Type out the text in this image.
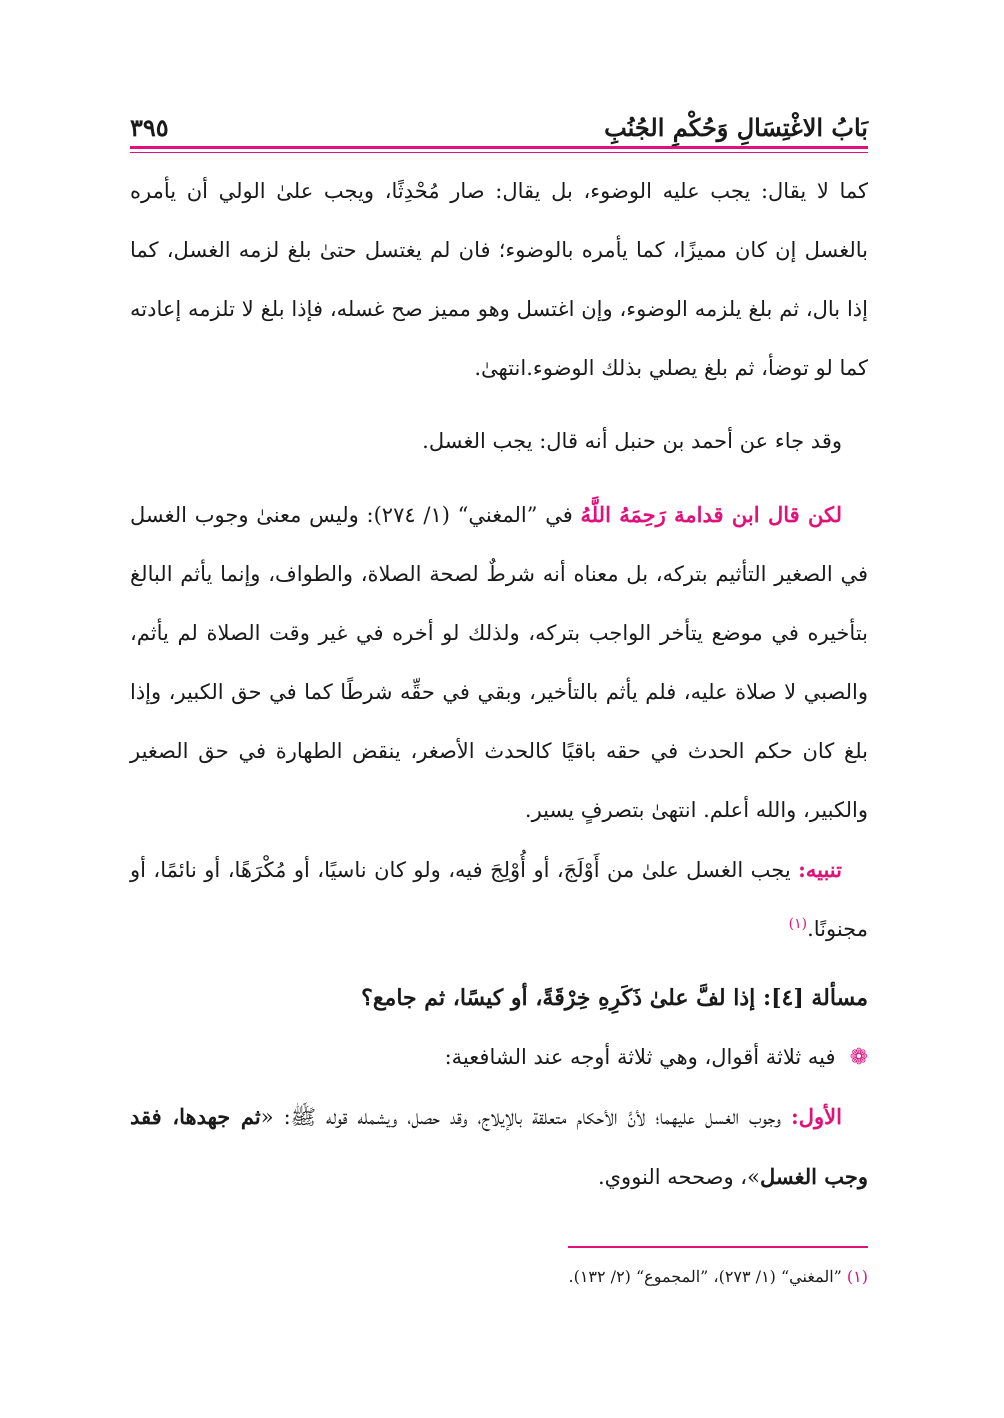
٣٩٥	بَابُ الاغْتِسَالِ وَحُكْمِ الجُنُبِ

كما لا يقال: يجب عليه الوضوء، بل يقال: صار مُحْدِثًا، ويجب علىٰ الولي أن يأمره بالغسل إن كان مميزًا، كما يأمره بالوضوء؛ فان لم يغتسل حتىٰ بلغ لزمه الغسل، كما إذا بال، ثم بلغ يلزمه الوضوء، وإن اغتسل وهو مميز صح غسله، فإذا بلغ لا تلزمه إعادته كما لو توضأ، ثم بلغ يصلي بذلك الوضوء.انتهىٰ.

وقد جاء عن أحمد بن حنبل أنه قال: يجب الغسل.

لكن قال ابن قدامة رَحِمَهُ اللَّهُ في ”المغني“ (١/ ٢٧٤): وليس معنىٰ وجوب الغسل في الصغير التأثيم بتركه، بل معناه أنه شرطٌ لصحة الصلاة، والطواف، وإنما يأثم البالغ بتأخيره في موضع يتأخر الواجب بتركه، ولذلك لو أخره في غير وقت الصلاة لم يأثم، والصبي لا صلاة عليه، فلم يأثم بالتأخير، وبقي في حقِّه شرطًا كما في حق الكبير، وإذا بلغ كان حكم الحدث في حقه باقيًا كالحدث الأصغر، ينقض الطهارة في حق الصغير والكبير، والله أعلم. انتهىٰ بتصرفٍ يسير.

تنبيه: يجب الغسل علىٰ من أَوْلَجَ، أو أُوْلِجَ فيه، ولو كان ناسيًا، أو مُكْرَهًا، أو نائمًا، أو مجنونًا.$^{(١)}$

مسألة [٤]: إذا لفَّ علىٰ ذَكَرِهِ خِرْقَةً، أو كيسًا، ثم جامع؟

❁فيه ثلاثة أقوال، وهي ثلاثة أوجه عند الشافعية:

الأول: وجوب الغسل عليهما؛ لأنَّ الأحكام متعلقة بالإيلاج، وقد حصل، ويشمله قوله ﷺ: «ثم جهدها، فقد وجب الغسل»، وصححه النووي.

(١) ”المغني“ (١/ ٢٧٣)، ”المجموع“ (٢/ ١٣٢).
